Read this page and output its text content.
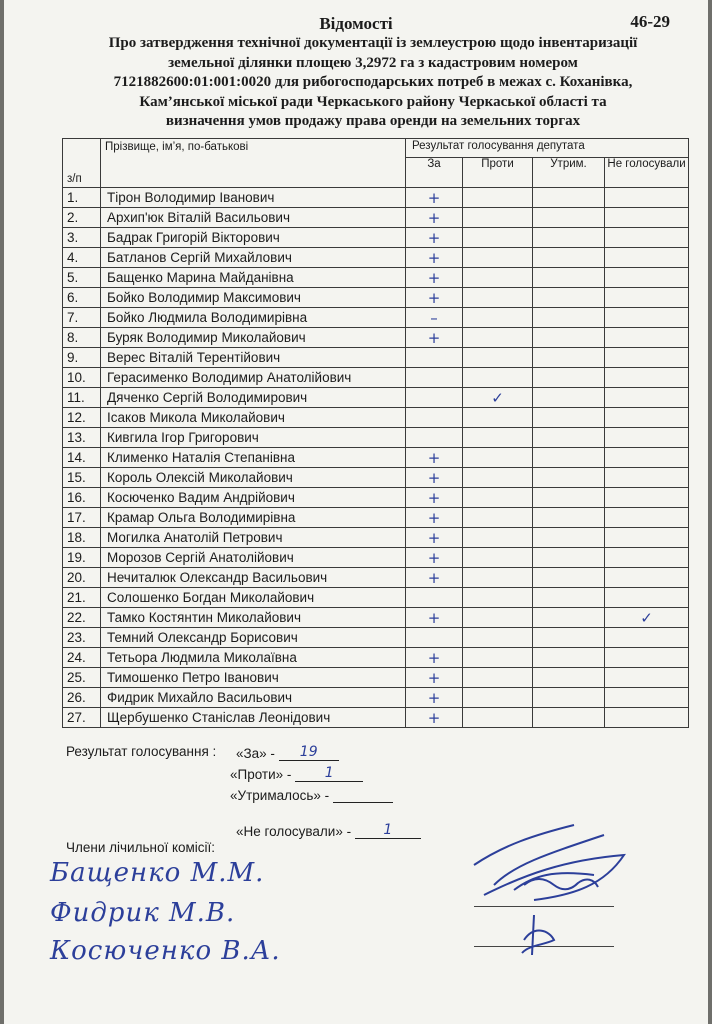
Відомості	46-29
Про затвердження технічної документації із землеустрою щодо інвентаризації
земельної ділянки площею 3,2972 га з кадастровим номером
7121882600:01:001:0020 для рибогосподарських потреб в межах с. Коханівка,
Кам’янської міської ради Черкаського району Черкаської області та
визначення умов продажу права оренди на земельних торгах
з/п	Прізвище, ім’я, по-батькові	Результат голосування депутата			
		За	Проти	Утрим.	Не голосували
1.	Тірон Володимир Іванович	+			
2.	Архип'юк Віталій Васильович	+			
3.	Бадрак Григорій Вікторович	+			
4.	Батланов Сергій Михайлович	+			
5.	Бащенко Марина Майданівна	+			
6.	Бойко Володимир Максимович	+			
7.	Бойко Людмила Володимирівна	–			
8.	Буряк Володимир Миколайович	+			
9.	Верес Віталій Терентійович				
10.	Герасименко Володимир Анатолійович				
11.	Дяченко Сергій Володимирович		✓		
12.	Ісаков Микола Миколайович				
13.	Кивгила Ігор Григорович				
14.	Клименко Наталія Степанівна	+			
15.	Король Олексій Миколайович	+			
16.	Косюченко Вадим Андрійович	+			
17.	Крамар Ольга Володимирівна	+			
18.	Могилка Анатолій Петрович	+			
19.	Морозов Сергій Анатолійович	+			
20.	Нечиталюк Олександр Васильович	+			
21.	Солошенко Богдан Миколайович				
22.	Тамко Костянтин Миколайович	+			✓
23.	Темний Олександр Борисович				
24.	Тетьора Людмила Миколаївна	+			
25.	Тимошенко Петро Іванович	+			
26.	Фидрик Михайло Васильович	+			
27.	Щербушенко Станіслав Леонідович	+			
Результат голосування : «За» - 19
«Проти» - 1
«Утрималось» -
«Не голосували» - 1
Члени лічильної комісії:
Бащенко М.М.
Фидрик М.В.
Косюченко В.А.
